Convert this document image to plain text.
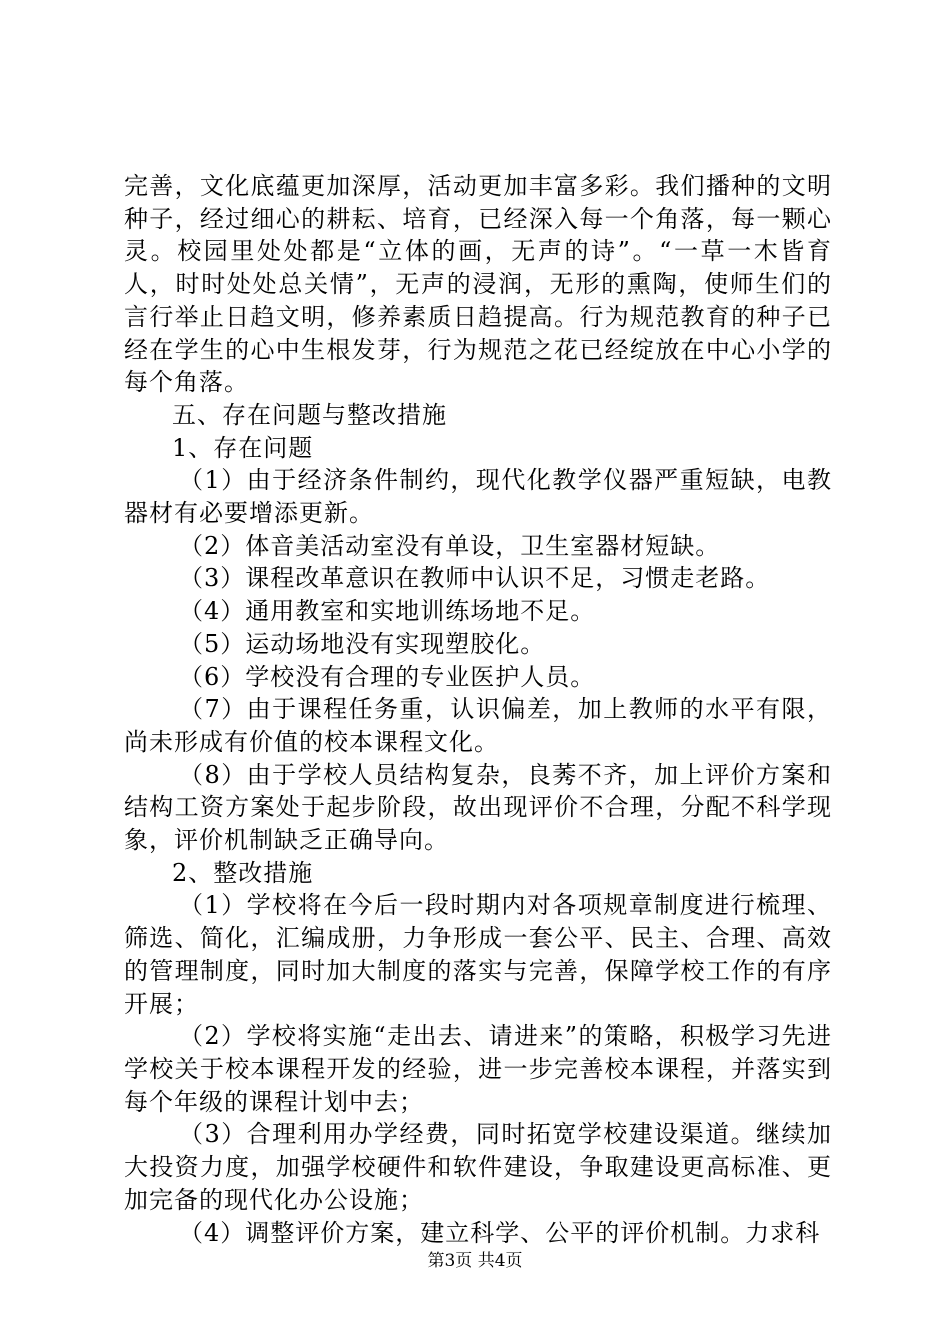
完善，文化底蕴更加深厚，活动更加丰富多彩。我们播种的文明种子，经过细心的耕耘、培育，已经深入每一个角落，每一颗心灵。校园里处处都是“立体的画，无声的诗”。“一草一木皆育人，时时处处总关情”，无声的浸润，无形的熏陶，使师生们的言行举止日趋文明，修养素质日趋提高。行为规范教育的种子已经在学生的心中生根发芽，行为规范之花已经绽放在中心小学的每个角落。

五、存在问题与整改措施

1、存在问题

（1）由于经济条件制约，现代化教学仪器严重短缺，电教器材有必要增添更新。

（2）体音美活动室没有单设，卫生室器材短缺。

（3）课程改革意识在教师中认识不足，习惯走老路。

（4）通用教室和实地训练场地不足。

（5）运动场地没有实现塑胶化。

（6）学校没有合理的专业医护人员。

（7）由于课程任务重，认识偏差，加上教师的水平有限，尚未形成有价值的校本课程文化。

（8）由于学校人员结构复杂，良莠不齐，加上评价方案和结构工资方案处于起步阶段，故出现评价不合理，分配不科学现象，评价机制缺乏正确导向。

2、整改措施

（1）学校将在今后一段时期内对各项规章制度进行梳理、筛选、简化，汇编成册，力争形成一套公平、民主、合理、高效的管理制度，同时加大制度的落实与完善，保障学校工作的有序开展；

（2）学校将实施“走出去、请进来”的策略，积极学习先进学校关于校本课程开发的经验，进一步完善校本课程，并落实到每个年级的课程计划中去；

（3）合理利用办学经费，同时拓宽学校建设渠道。继续加大投资力度，加强学校硬件和软件建设，争取建设更高标准、更加完备的现代化办公设施；

（4）调整评价方案，建立科学、公平的评价机制。力求科

第3页 共4页
